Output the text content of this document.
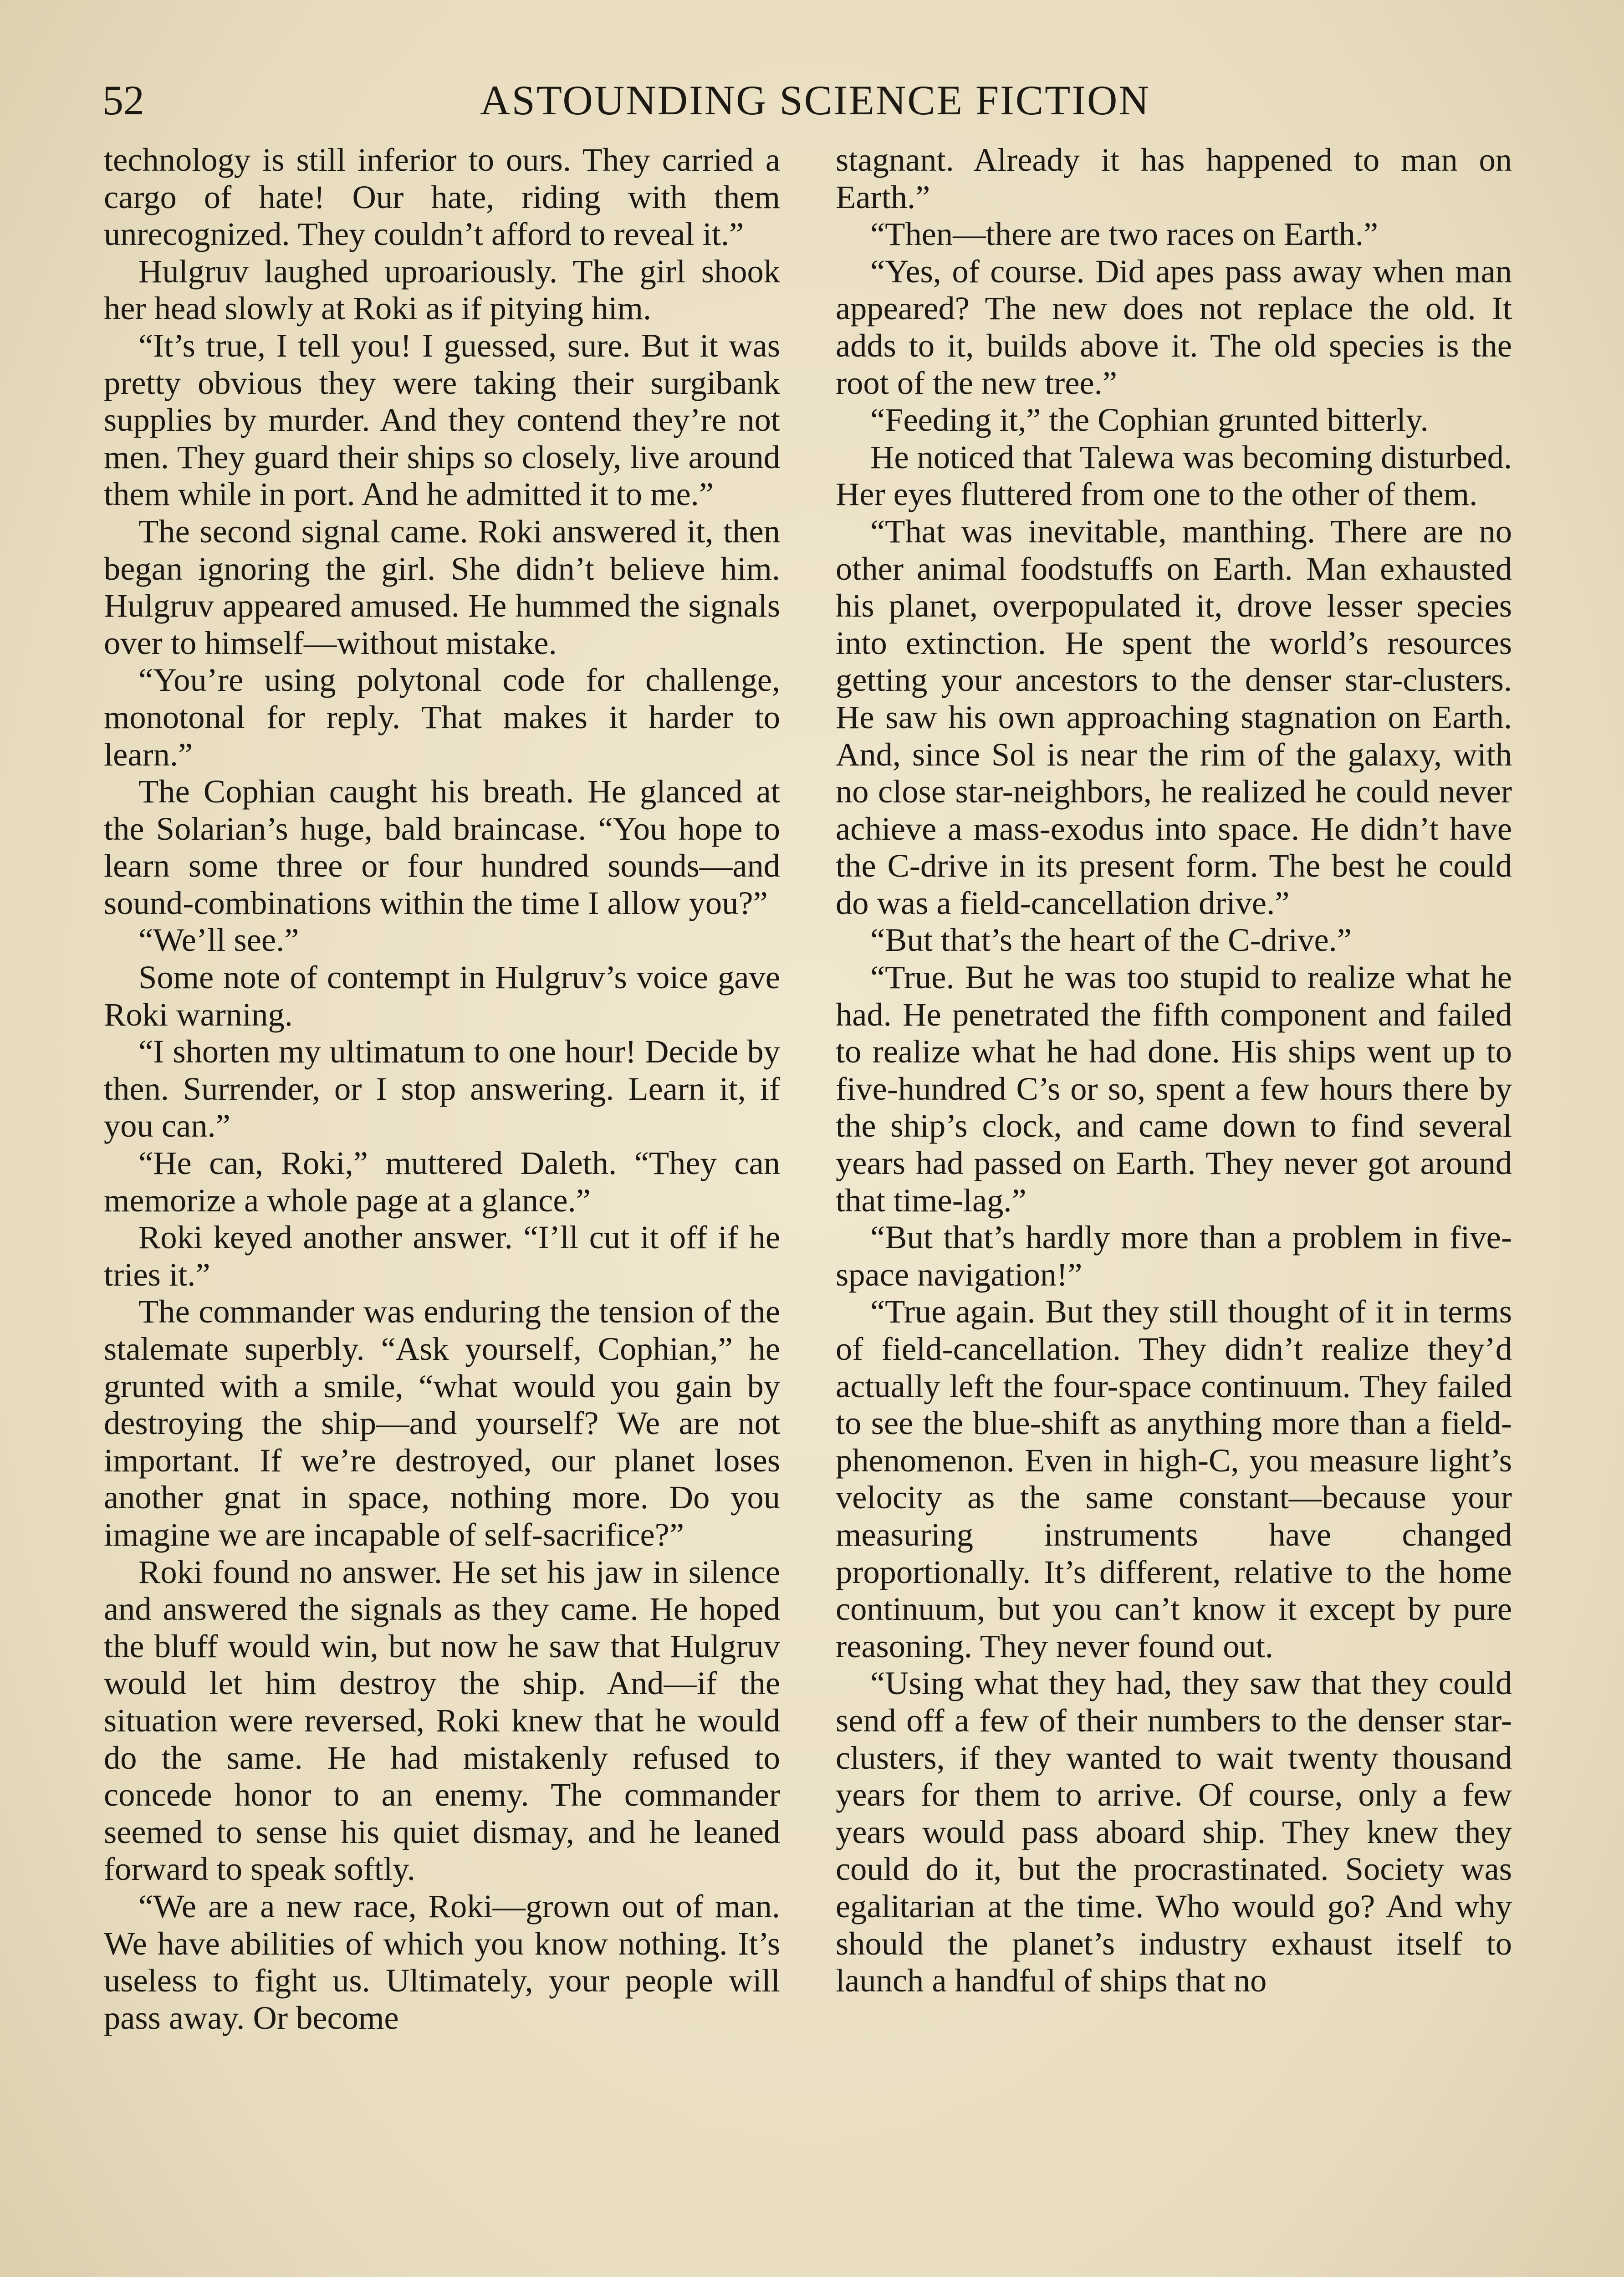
52	ASTOUNDING SCIENCE FICTION

technology is still inferior to ours. They carried a cargo of hate! Our hate, riding with them unrecognized. They couldn’t afford to reveal it.”

Hulgruv laughed uproariously. The girl shook her head slowly at Roki as if pitying him.

“It’s true, I tell you! I guessed, sure. But it was pretty obvious they were taking their surgibank supplies by murder. And they contend they’re not men. They guard their ships so closely, live around them while in port. And he admitted it to me.”

The second signal came. Roki answered it, then began ignoring the girl. She didn’t believe him. Hulgruv appeared amused. He hummed the signals over to himself—without mistake.

“You’re using polytonal code for challenge, monotonal for reply. That makes it harder to learn.”

The Cophian caught his breath. He glanced at the Solarian’s huge, bald braincase. “You hope to learn some three or four hundred sounds—and sound-combinations within the time I allow you?”

“We’ll see.”

Some note of contempt in Hulgruv’s voice gave Roki warning.

“I shorten my ultimatum to one hour! Decide by then. Surrender, or I stop answering. Learn it, if you can.”

“He can, Roki,” muttered Daleth. “They can memorize a whole page at a glance.”

Roki keyed another answer. “I’ll cut it off if he tries it.”

The commander was enduring the tension of the stalemate superbly. “Ask yourself, Cophian,” he grunted with a smile, “what would you gain by destroying the ship—and yourself? We are not important. If we’re destroyed, our planet loses another gnat in space, nothing more. Do you imagine we are incapable of self-sacrifice?”

Roki found no answer. He set his jaw in silence and answered the signals as they came. He hoped the bluff would win, but now he saw that Hulgruv would let him destroy the ship. And—if the situation were reversed, Roki knew that he would do the same. He had mistakenly refused to concede honor to an enemy. The commander seemed to sense his quiet dismay, and he leaned forward to speak softly.

“We are a new race, Roki—grown out of man. We have abilities of which you know nothing. It’s useless to fight us. Ultimately, your people will pass away. Or become

stagnant. Already it has happened to man on Earth.”

“Then—there are two races on Earth.”

“Yes, of course. Did apes pass away when man appeared? The new does not replace the old. It adds to it, builds above it. The old species is the root of the new tree.”

“Feeding it,” the Cophian grunted bitterly.

He noticed that Talewa was becoming disturbed. Her eyes fluttered from one to the other of them.

“That was inevitable, manthing. There are no other animal foodstuffs on Earth. Man exhausted his planet, overpopulated it, drove lesser species into extinction. He spent the world’s resources getting your ancestors to the denser star-clusters. He saw his own approaching stagnation on Earth. And, since Sol is near the rim of the galaxy, with no close star-neighbors, he realized he could never achieve a mass-exodus into space. He didn’t have the C-drive in its present form. The best he could do was a field-cancellation drive.”

“But that’s the heart of the C-drive.”

“True. But he was too stupid to realize what he had. He penetrated the fifth component and failed to realize what he had done. His ships went up to five-hundred C’s or so, spent a few hours there by the ship’s clock, and came down to find several years had passed on Earth. They never got around that time-lag.”

“But that’s hardly more than a problem in five-space navigation!”

“True again. But they still thought of it in terms of field-cancellation. They didn’t realize they’d actually left the four-space continuum. They failed to see the blue-shift as anything more than a field-phenomenon. Even in high-C, you measure light’s velocity as the same constant—because your measuring instruments have changed proportionally. It’s different, relative to the home continuum, but you can’t know it except by pure reasoning. They never found out.

“Using what they had, they saw that they could send off a few of their numbers to the denser star-clusters, if they wanted to wait twenty thousand years for them to arrive. Of course, only a few years would pass aboard ship. They knew they could do it, but the procrastinated. Society was egalitarian at the time. Who would go? And why should the planet’s industry exhaust itself to launch a handful of ships that no
